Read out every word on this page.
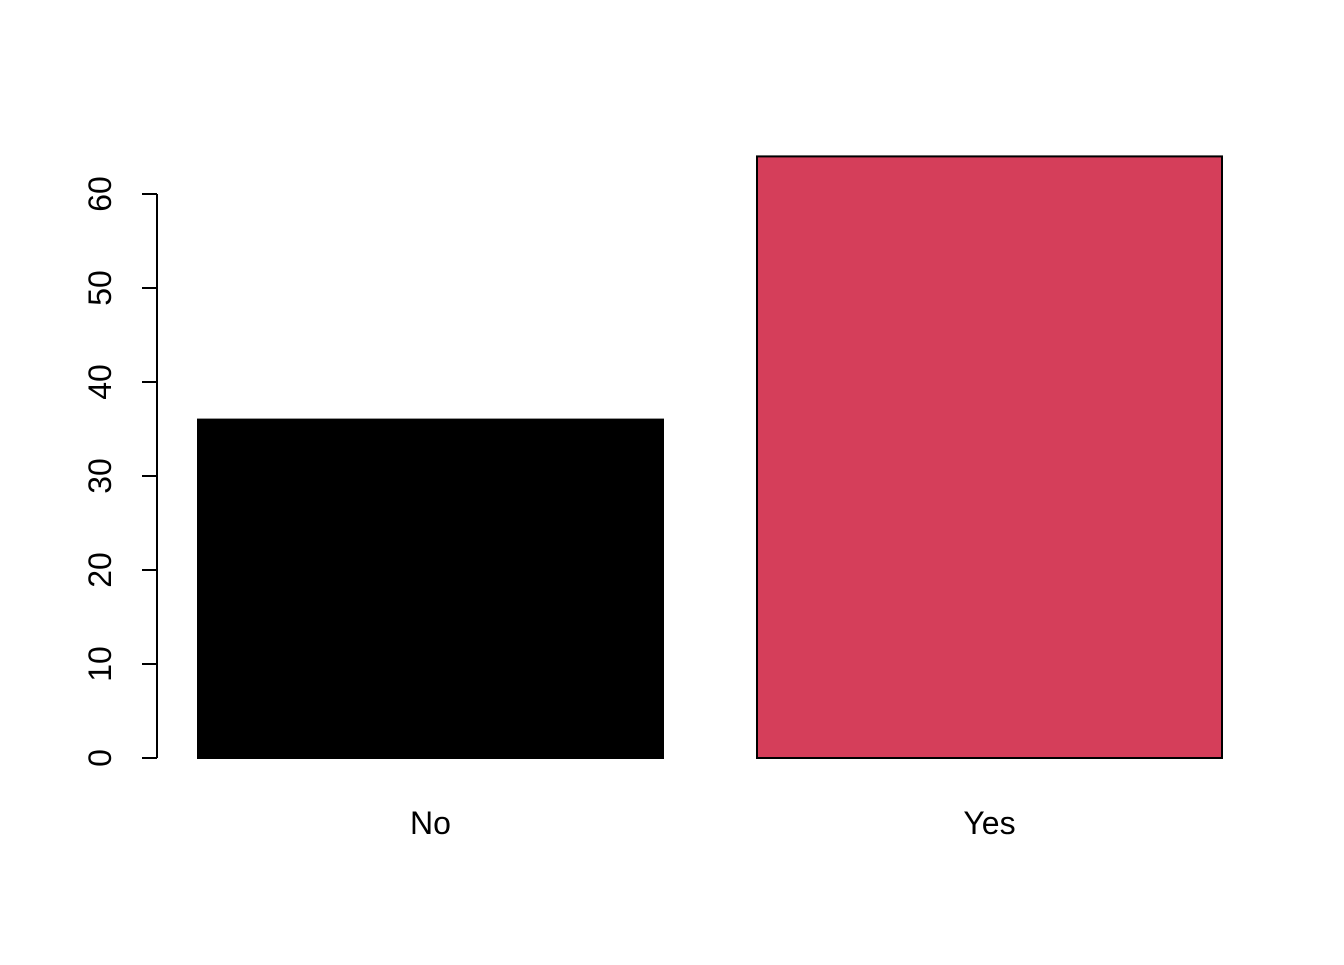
0
10
20
30
40
50
60
No	Yes
